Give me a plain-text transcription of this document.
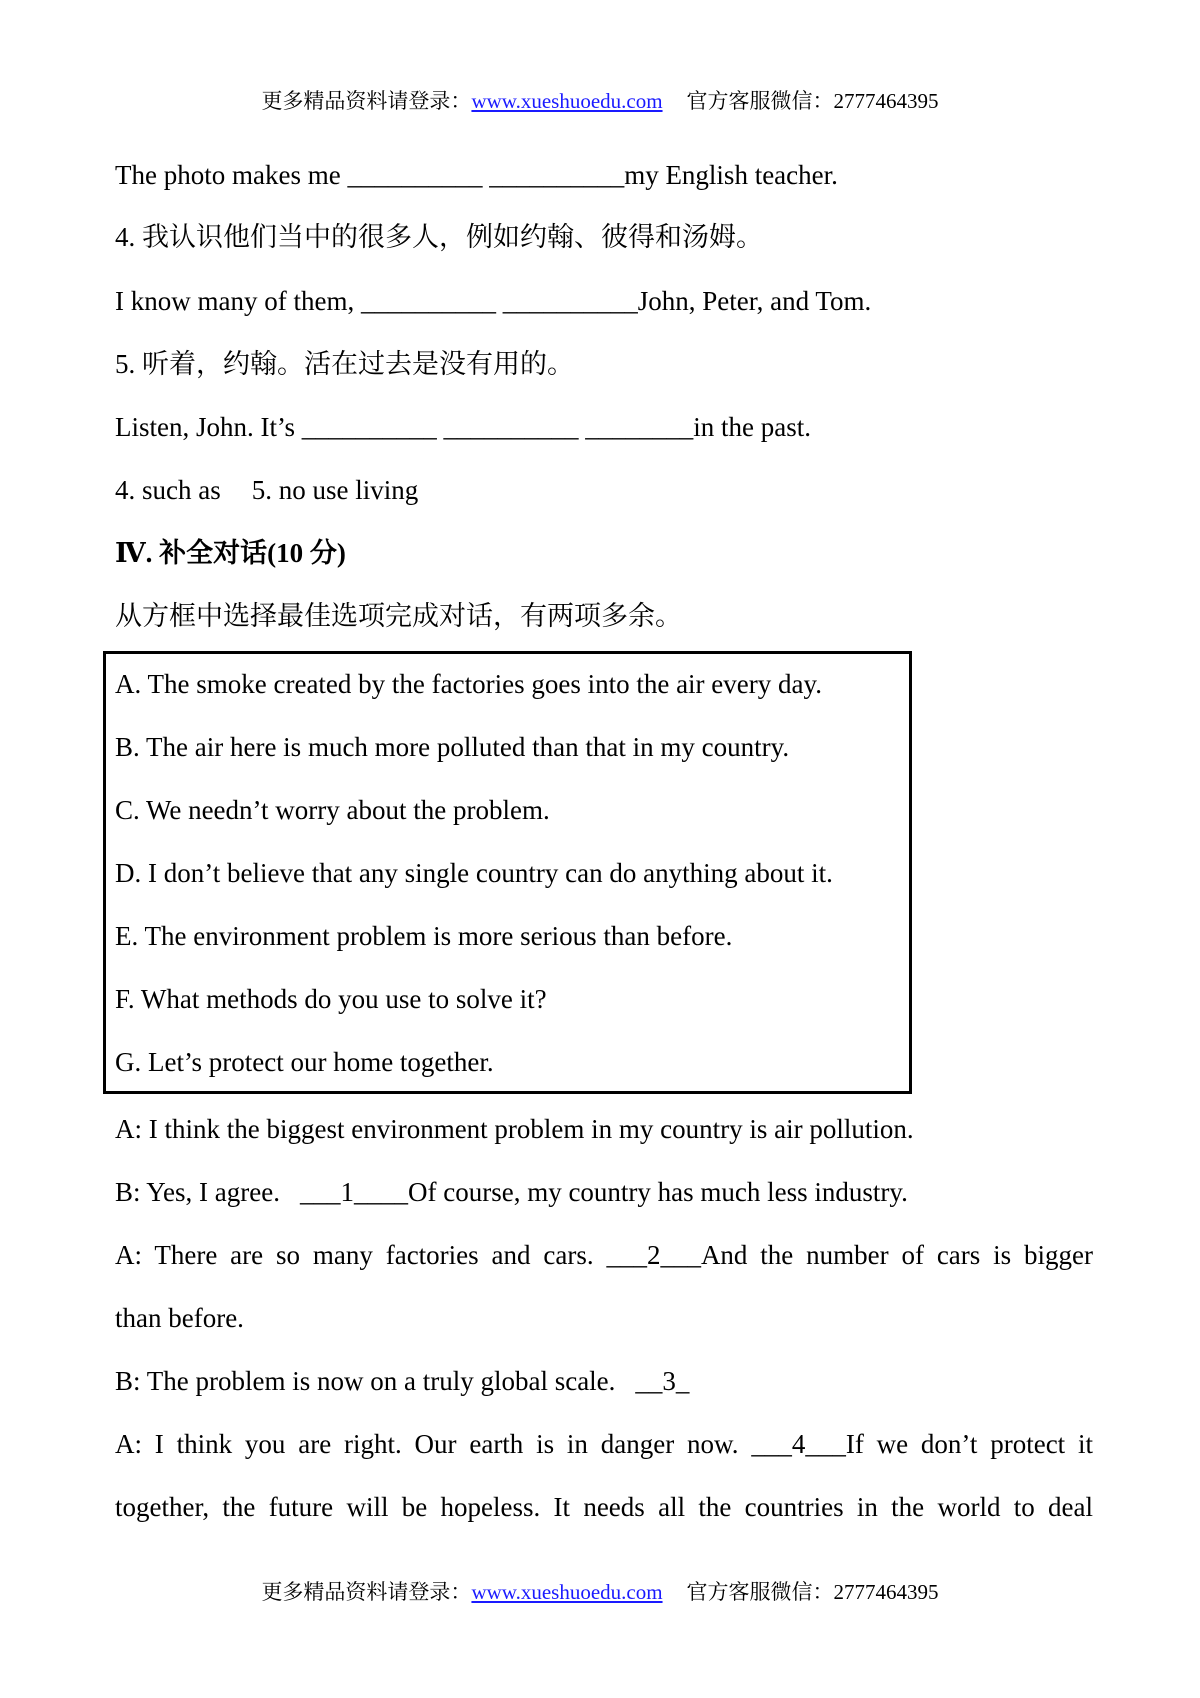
更多精品资料请登录：www.xueshuoedu.com 官方客服微信：2777464395
The photo makes me __________ __________my English teacher.
4. 我认识他们当中的很多人，例如约翰、彼得和汤姆。
I know many of them, __________ __________John, Peter, and Tom.
5. 听着，约翰。活在过去是没有用的。
Listen, John. It’s __________ __________ ________in the past.
4. such as 5. no use living
Ⅳ. 补全对话(10 分)
从方框中选择最佳选项完成对话，有两项多余。
A. The smoke created by the factories goes into the air every day.
B. The air here is much more polluted than that in my country.
C. We needn’t worry about the problem.
D. I don’t believe that any single country can do anything about it.
E. The environment problem is more serious than before.
F. What methods do you use to solve it?
G. Let’s protect our home together.
A: I think the biggest environment problem in my country is air pollution.
B: Yes, I agree. ___1____Of course, my country has much less industry.
A: There are so many factories and cars. ___2___And the number of cars is bigger
than before.
B: The problem is now on a truly global scale. __3_
A: I think you are right. Our earth is in danger now. ___4___If we don’t protect it
together, the future will be hopeless. It needs all the countries in the world to deal
更多精品资料请登录：www.xueshuoedu.com 官方客服微信：2777464395
